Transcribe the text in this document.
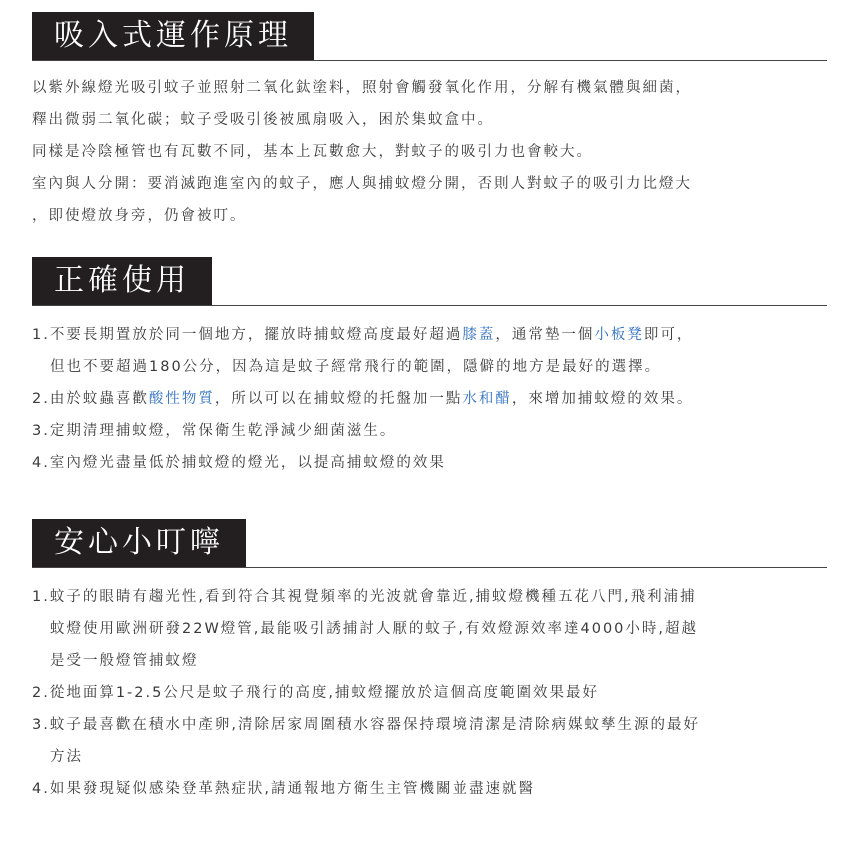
吸入式運作原理

以紫外線燈光吸引蚊子並照射二氧化鈦塗料，照射會觸發氧化作用，分解有機氣體與細菌，

釋出微弱二氧化碳；蚊子受吸引後被風扇吸入，困於集蚊盒中。

同樣是冷陰極管也有瓦數不同，基本上瓦數愈大，對蚊子的吸引力也會較大。

室內與人分開：要消滅跑進室內的蚊子，應人與捕蚊燈分開，否則人對蚊子的吸引力比燈大

，即使燈放身旁，仍會被叮。

正確使用

1.不要長期置放於同一個地方，擺放時捕蚊燈高度最好超過膝蓋，通常墊一個小板凳即可，

但也不要超過180公分，因為這是蚊子經常飛行的範圍，隱僻的地方是最好的選擇。

2.由於蚊蟲喜歡酸性物質，所以可以在捕蚊燈的托盤加一點水和醋，來增加捕蚊燈的效果。

3.定期清理捕蚊燈，常保衛生乾淨減少細菌滋生。

4.室內燈光盡量低於捕蚊燈的燈光，以提高捕蚊燈的效果

安心小叮嚀

1.蚊子的眼睛有趨光性,看到符合其視覺頻率的光波就會靠近,捕蚊燈機種五花八門,飛利浦捕

蚊燈使用歐洲研發22W燈管,最能吸引誘捕討人厭的蚊子,有效燈源效率達4000小時,超越

是受一般燈管捕蚊燈

2.從地面算1-2.5公尺是蚊子飛行的高度,捕蚊燈擺放於這個高度範圍效果最好

3.蚊子最喜歡在積水中產卵,清除居家周圍積水容器保持環境清潔是清除病媒蚊孳生源的最好

方法

4.如果發現疑似感染登革熱症狀,請通報地方衛生主管機關並盡速就醫
